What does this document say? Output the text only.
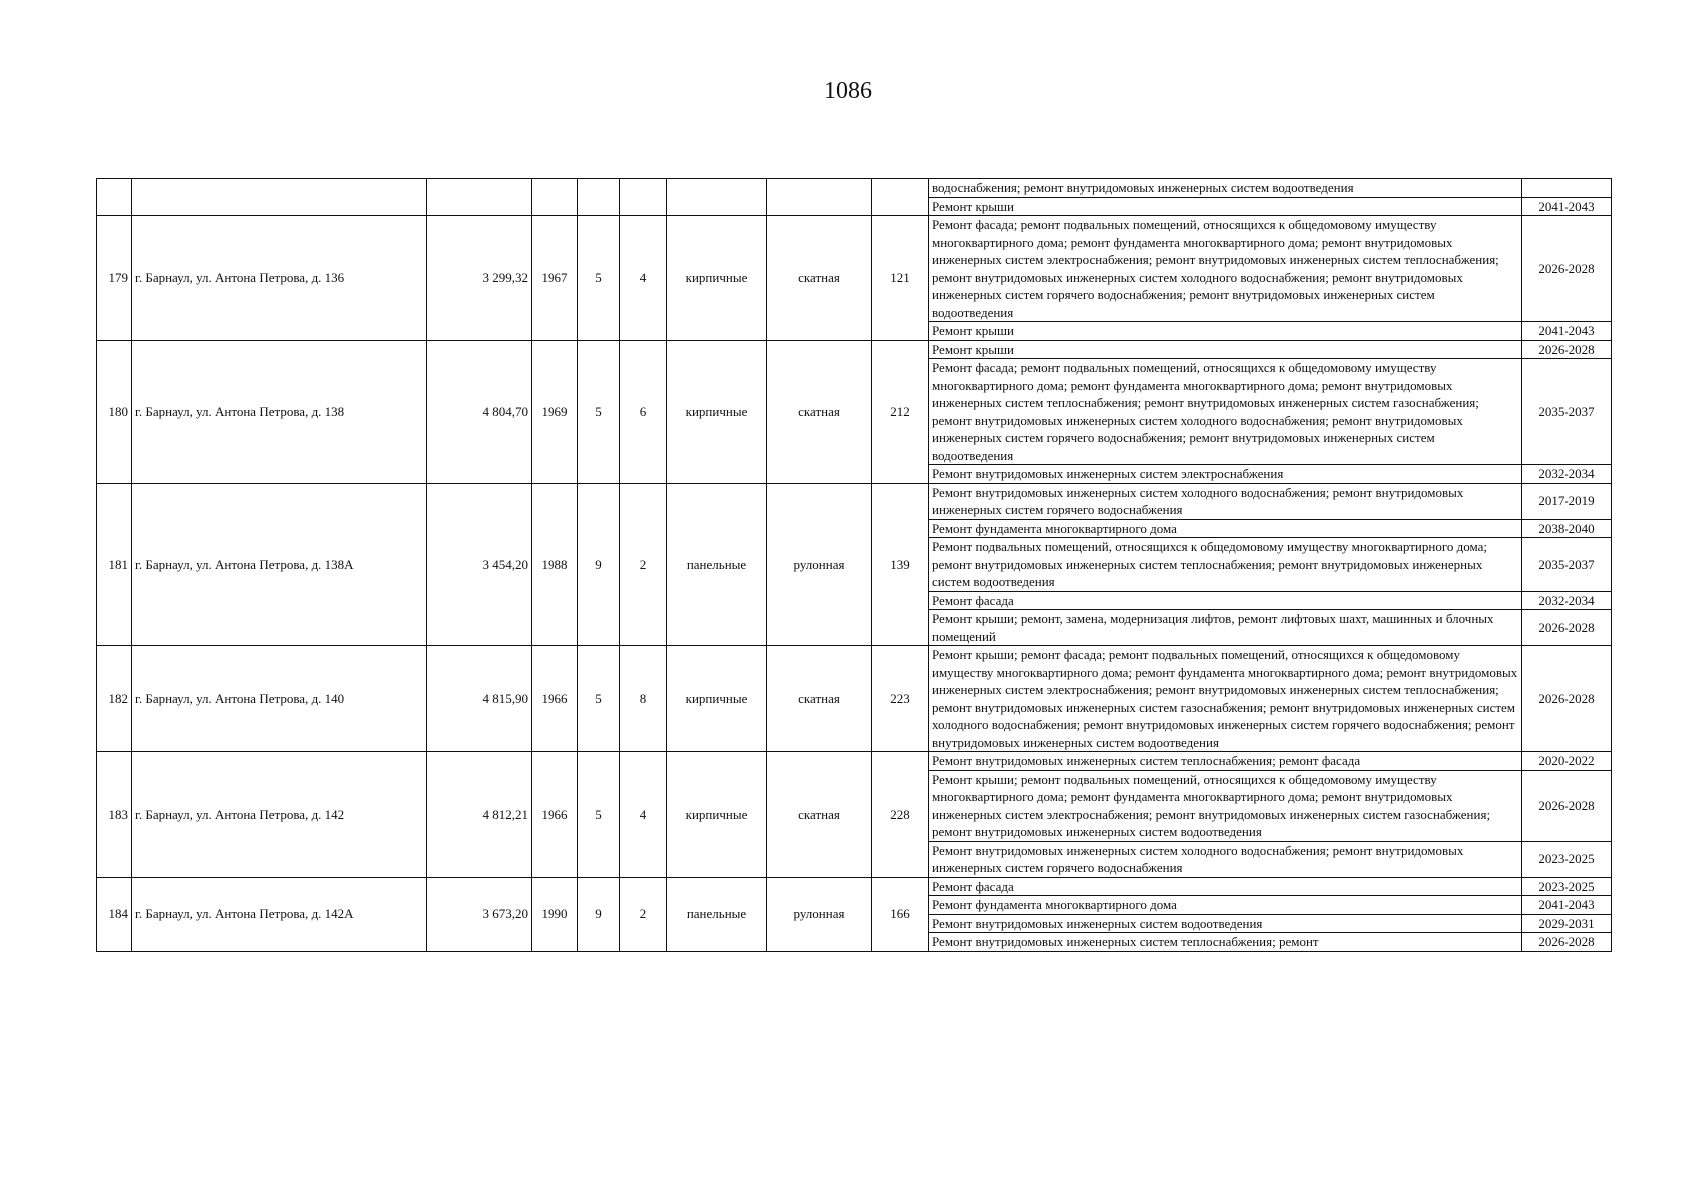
1086
									водоснабжения; ремонт внутридомовых инженерных систем водоотведения	
									Ремонт крыши	2041-2043
179	г. Барнаул, ул. Антона Петрова, д. 136	3 299,32	1967	5	4	кирпичные	скатная	121	Ремонт фасада; ремонт подвальных помещений, относящихся к общедомовому имуществу многоквартирного дома; ремонт фундамента многоквартирного дома; ремонт внутридомовых инженерных систем электроснабжения; ремонт внутридомовых инженерных систем теплоснабжения; ремонт внутридомовых инженерных систем холодного водоснабжения; ремонт внутридомовых инженерных систем горячего водоснабжения; ремонт внутридомовых инженерных систем водоотведения	2026-2028
									Ремонт крыши	2041-2043
180	г. Барнаул, ул. Антона Петрова, д. 138	4 804,70	1969	5	6	кирпичные	скатная	212	Ремонт крыши	2026-2028
									Ремонт фасада; ремонт подвальных помещений, относящихся к общедомовому имуществу многоквартирного дома; ремонт фундамента многоквартирного дома; ремонт внутридомовых инженерных систем теплоснабжения; ремонт внутридомовых инженерных систем газоснабжения; ремонт внутридомовых инженерных систем холодного водоснабжения; ремонт внутридомовых инженерных систем горячего водоснабжения; ремонт внутридомовых инженерных систем водоотведения	2035-2037
									Ремонт внутридомовых инженерных систем электроснабжения	2032-2034
181	г. Барнаул, ул. Антона Петрова, д. 138А	3 454,20	1988	9	2	панельные	рулонная	139	Ремонт внутридомовых инженерных систем холодного водоснабжения; ремонт внутридомовых инженерных систем горячего водоснабжения	2017-2019
									Ремонт фундамента многоквартирного дома	2038-2040
									Ремонт подвальных помещений, относящихся к общедомовому имуществу многоквартирного дома; ремонт внутридомовых инженерных систем теплоснабжения; ремонт внутридомовых инженерных систем водоотведения	2035-2037
									Ремонт фасада	2032-2034
									Ремонт крыши; ремонт, замена, модернизация лифтов, ремонт лифтовых шахт, машинных и блочных помещений	2026-2028
182	г. Барнаул, ул. Антона Петрова, д. 140	4 815,90	1966	5	8	кирпичные	скатная	223	Ремонт крыши; ремонт фасада; ремонт подвальных помещений, относящихся к общедомовому имуществу многоквартирного дома; ремонт фундамента многоквартирного дома; ремонт внутридомовых инженерных систем электроснабжения; ремонт внутридомовых инженерных систем теплоснабжения; ремонт внутридомовых инженерных систем газоснабжения; ремонт внутридомовых инженерных систем холодного водоснабжения; ремонт внутридомовых инженерных систем горячего водоснабжения; ремонт внутридомовых инженерных систем водоотведения	2026-2028
183	г. Барнаул, ул. Антона Петрова, д. 142	4 812,21	1966	5	4	кирпичные	скатная	228	Ремонт внутридомовых инженерных систем теплоснабжения; ремонт фасада	2020-2022
									Ремонт крыши; ремонт подвальных помещений, относящихся к общедомовому имуществу многоквартирного дома; ремонт фундамента многоквартирного дома; ремонт внутридомовых инженерных систем электроснабжения; ремонт внутридомовых инженерных систем газоснабжения; ремонт внутридомовых инженерных систем водоотведения	2026-2028
									Ремонт внутридомовых инженерных систем холодного водоснабжения; ремонт внутридомовых инженерных систем горячего водоснабжения	2023-2025
184	г. Барнаул, ул. Антона Петрова, д. 142А	3 673,20	1990	9	2	панельные	рулонная	166	Ремонт фасада	2023-2025
									Ремонт фундамента многоквартирного дома	2041-2043
									Ремонт внутридомовых инженерных систем водоотведения	2029-2031
									Ремонт внутридомовых инженерных систем теплоснабжения; ремонт	2026-2028
